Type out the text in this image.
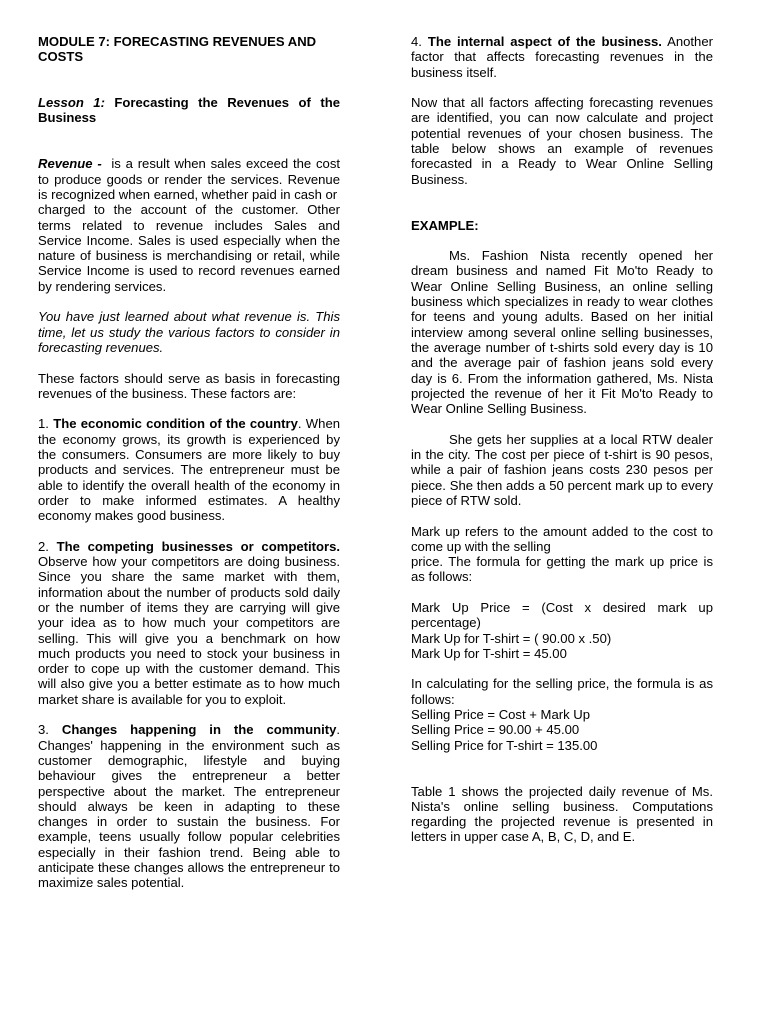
MODULE 7: FORECASTING REVENUES AND COSTS

Lesson 1: Forecasting the Revenues of the Business

Revenue - is a result when sales exceed the cost to produce goods or render the services. Revenue is recognized when earned, whether paid in cash or

charged to the account of the customer. Other terms related to revenue includes Sales and Service Income. Sales is used especially when the nature of business is merchandising or retail, while Service Income is used to record revenues earned by rendering services.

You have just learned about what revenue is. This time, let us study the various factors to consider in forecasting revenues.

These factors should serve as basis in forecasting revenues of the business. These factors are:

1. The economic condition of the country. When the economy grows, its growth is experienced by the consumers. Consumers are more likely to buy products and services. The entrepreneur must be able to identify the overall health of the economy in order to make informed estimates. A healthy economy makes good business.

2. The competing businesses or competitors. Observe how your competitors are doing business. Since you share the same market with them, information about the number of products sold daily or the number of items they are carrying will give your idea as to how much your competitors are selling. This will give you a benchmark on how much products you need to stock your business in order to cope up with the customer demand. This will also give you a better estimate as to how much market share is available for you to exploit.

3. Changes happening in the community. Changes' happening in the environment such as customer demographic, lifestyle and buying behaviour gives the entrepreneur a better perspective about the market. The entrepreneur should always be keen in adapting to these changes in order to sustain the business. For example, teens usually follow popular celebrities especially in their fashion trend. Being able to anticipate these changes allows the entrepreneur to maximize sales potential.

4. The internal aspect of the business. Another factor that affects forecasting revenues in the business itself.

Now that all factors affecting forecasting revenues are identified, you can now calculate and project potential revenues of your chosen business. The table below shows an example of revenues forecasted in a Ready to Wear Online Selling Business.

EXAMPLE:

Ms. Fashion Nista recently opened her dream business and named Fit Mo'to Ready to Wear Online Selling Business, an online selling business which specializes in ready to wear clothes for teens and young adults. Based on her initial interview among several online selling businesses, the average number of t-shirts sold every day is 10 and the average pair of fashion jeans sold every day is 6. From the information gathered, Ms. Nista projected the revenue of her it Fit Mo'to Ready to Wear Online Selling Business.

She gets her supplies at a local RTW dealer in the city. The cost per piece of t-shirt is 90 pesos, while a pair of fashion jeans costs 230 pesos per piece. She then adds a 50 percent mark up to every piece of RTW sold.

Mark up refers to the amount added to the cost to come up with the selling

price. The formula for getting the mark up price is as follows:

Mark Up Price = (Cost x desired mark up percentage)

Mark Up for T-shirt = ( 90.00 x .50)

Mark Up for T-shirt = 45.00

In calculating for the selling price, the formula is as follows:

Selling Price = Cost + Mark Up

Selling Price = 90.00 + 45.00

Selling Price for T-shirt = 135.00

Table 1 shows the projected daily revenue of Ms. Nista's online selling business. Computations regarding the projected revenue is presented in letters in upper case A, B, C, D, and E.
